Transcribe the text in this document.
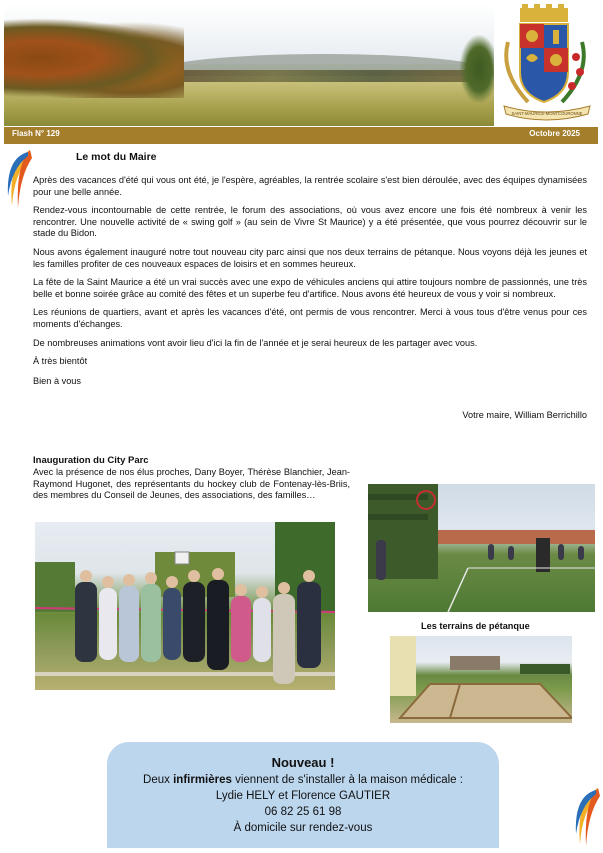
SAINT-MAURICE-MONTCOURONNE
Flash N° 129	Octobre 2025
Le mot du Maire

Après des vacances d'été qui vous ont été, je l'espère, agréables, la rentrée scolaire s'est bien déroulée, avec des équipes dynamisées pour une belle année.

Rendez-vous incontournable de cette rentrée, le forum des associations, où vous avez encore une fois été nombreux à venir les rencontrer. Une nouvelle activité de « swing golf » (au sein de Vivre St Maurice) y a été présentée, que vous pourrez découvrir sur le stade du Bidon.

Nous avons également inauguré notre tout nouveau city parc ainsi que nos deux terrains de pétanque. Nous voyons déjà les jeunes et les familles profiter de ces nouveaux espaces de loisirs et en sommes heureux.

La fête de la Saint Maurice a été un vrai succès avec une expo de véhicules anciens qui attire toujours nombre de passionnés, une très belle et bonne soirée grâce au comité des fêtes et un superbe feu d'artifice. Nous avons été heureux de vous y voir si nombreux.

Les réunions de quartiers, avant et après les vacances d'été, ont permis de vous rencontrer. Merci à vous tous d'être venus pour ces moments d'échanges.

De nombreuses animations vont avoir lieu d'ici la fin de l'année et je serai heureux de les partager avec vous.

À très bientôt

Bien à vous

Votre maire, William Berrichillo
Inauguration du City Parc

Avec la présence de nos élus proches, Dany Boyer, Thérèse Blanchier, Jean-Raymond Hugonet, des représentants du hockey club de Fontenay-lès-Briis, des membres du Conseil de Jeunes, des associations, des familles…

Les terrains de pétanque
Nouveau !
Deux infirmières viennent de s'installer à la maison médicale :
Lydie HELY et Florence GAUTIER
06 82 25 61 98
À domicile sur rendez-vous
